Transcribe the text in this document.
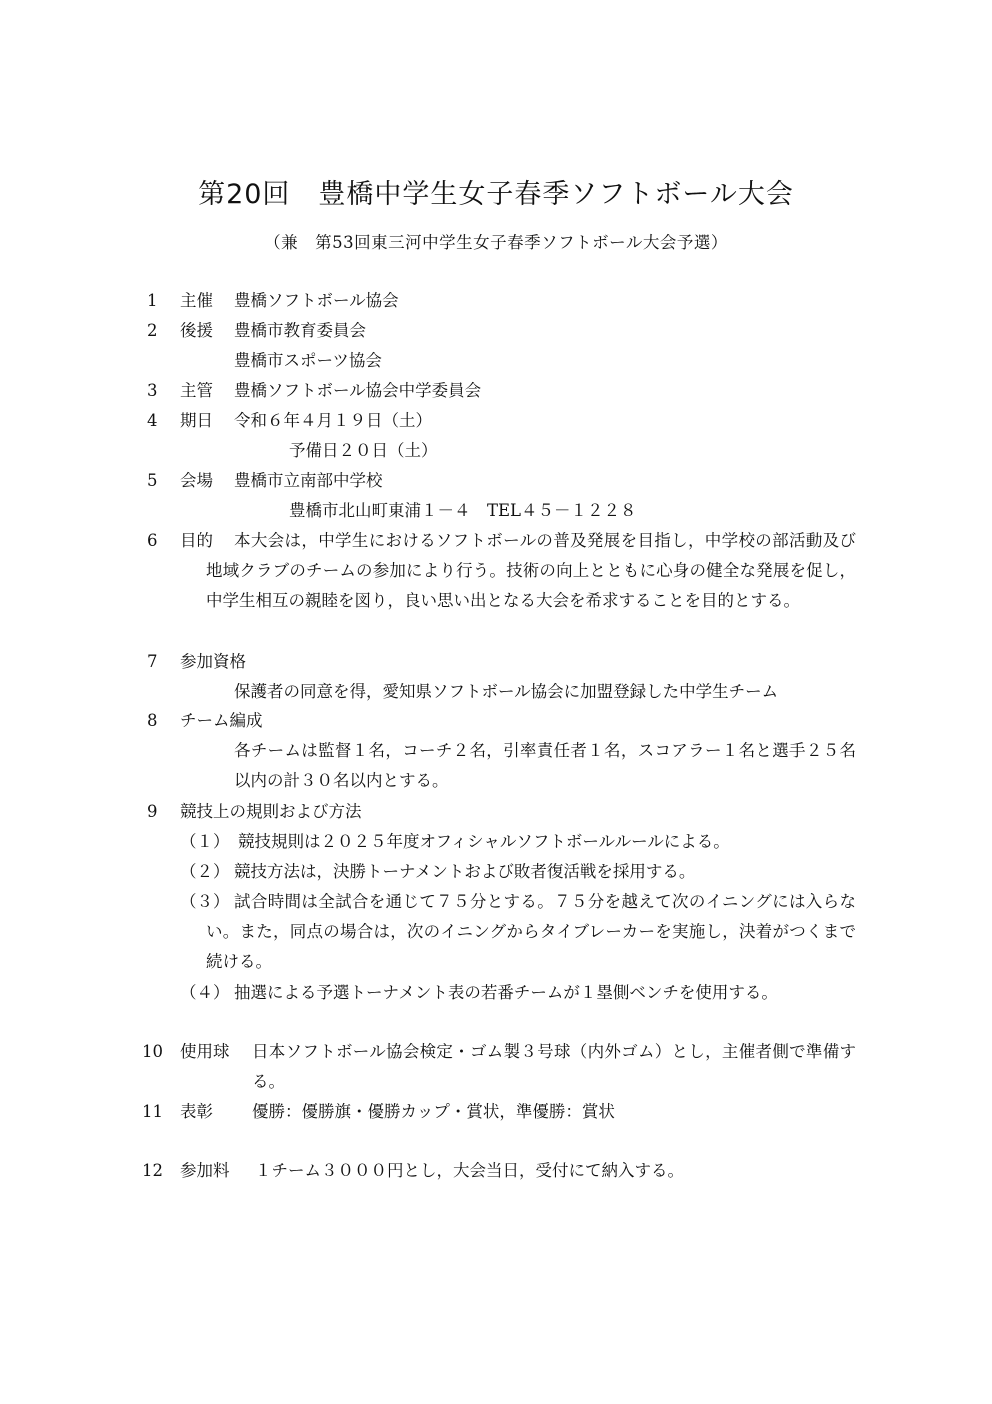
第20回　豊橋中学生女子春季ソフトボール大会
（兼　第53回東三河中学生女子春季ソフトボール大会予選）
1 主催 豊橋ソフトボール協会
2 後援 豊橋市教育委員会
豊橋市スポーツ協会
3 主管 豊橋ソフトボール協会中学委員会
4 期日 令和６年４月１９日（土）
予備日２０日（土）
5 会場 豊橋市立南部中学校
豊橋市北山町東浦１－４　TEL４５－１２２８
6 目的	本大会は，中学生におけるソフトボールの普及発展を目指し，中学校の部活動及び地域クラブのチームの参加により行う。技術の向上とともに心身の健全な発展を促し，中学生相互の親睦を図り，良い思い出となる大会を希求することを目的とする。
7 参加資格
保護者の同意を得，愛知県ソフトボール協会に加盟登録した中学生チーム
8 チーム編成
各チームは監督１名，コーチ２名，引率責任者１名，スコアラー１名と選手２５名以内の計３０名以内とする。
9 競技上の規則および方法
（１） 競技規則は２０２５年度オフィシャルソフトボールルールによる。
（２） 競技方法は，決勝トーナメントおよび敗者復活戦を採用する。
（３） 試合時間は全試合を通じて７５分とする。７５分を越えて次のイニングには入らない。また，同点の場合は，次のイニングからタイブレーカーを実施し，決着がつくまで続ける。
（４） 抽選による予選トーナメント表の若番チームが１塁側ベンチを使用する。
10 使用球 日本ソフトボール協会検定・ゴム製３号球（内外ゴム）とし，主催者側で準備する。
11 表彰 優勝：優勝旗・優勝カップ・賞状，準優勝：賞状
12 参加料 １チーム３０００円とし，大会当日，受付にて納入する。
